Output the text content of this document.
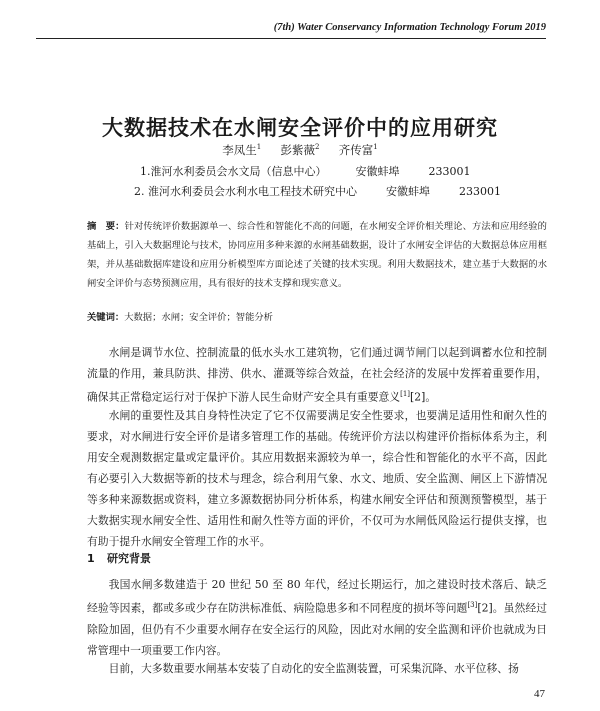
(7th) Water Conservancy Information Technology Forum 2019
大数据技术在水闸安全评价中的应用研究
李凤生$^1$ 彭紫薇$^2$ 齐传富$^1$
1.淮河水利委员会水文局（信息中心）	安徽蚌埠	233001
2. 淮河水利委员会水利水电工程技术研究中心	安徽蚌埠	233001
摘　要：针对传统评价数据源单一、综合性和智能化不高的问题，在水闸安全评价相关理论、方法和应用经验的基础上，引入大数据理论与技术，协同应用多种来源的水闸基础数据，设计了水闸安全评估的大数据总体应用框架，并从基础数据库建设和应用分析模型库方面论述了关键的技术实现。利用大数据技术，建立基于大数据的水闸安全评价与态势预测应用，具有很好的技术支撑和现实意义。
关键词：大数据；水闸；安全评价；智能分析
水闸是调节水位、控制流量的低水头水工建筑物，它们通过调节闸门以起到调蓄水位和控制流量的作用，兼具防洪、排涝、供水、灌溉等综合效益，在社会经济的发展中发挥着重要作用，确保其正常稳定运行对于保护下游人民生命财产安全具有重要意义[1][2]。
水闸的重要性及其自身特性决定了它不仅需要满足安全性要求，也要满足适用性和耐久性的要求，对水闸进行安全评价是诸多管理工作的基础。传统评价方法以构建评价指标体系为主，利用安全观测数据定量或定量评价。其应用数据来源较为单一，综合性和智能化的水平不高，因此有必要引入大数据等新的技术与理念，综合利用气象、水文、地质、安全监测、闸区上下游情况等多种来源数据或资料，建立多源数据协同分析体系，构建水闸安全评估和预测预警模型，基于大数据实现水闸安全性、适用性和耐久性等方面的评价，不仅可为水闸低风险运行提供支撑，也有助于提升水闸安全管理工作的水平。
1 研究背景
我国水闸多数建造于 20 世纪 50 至 80 年代，经过长期运行，加之建设时技术落后、缺乏经验等因素，都或多或少存在防洪标准低、病险隐患多和不同程度的损坏等问题[3][2]。虽然经过除险加固，但仍有不少重要水闸存在安全运行的风险，因此对水闸的安全监测和评价也就成为日常管理中一项重要工作内容。
目前，大多数重要水闸基本安装了自动化的安全监测装置，可采集沉降、水平位移、扬
47
